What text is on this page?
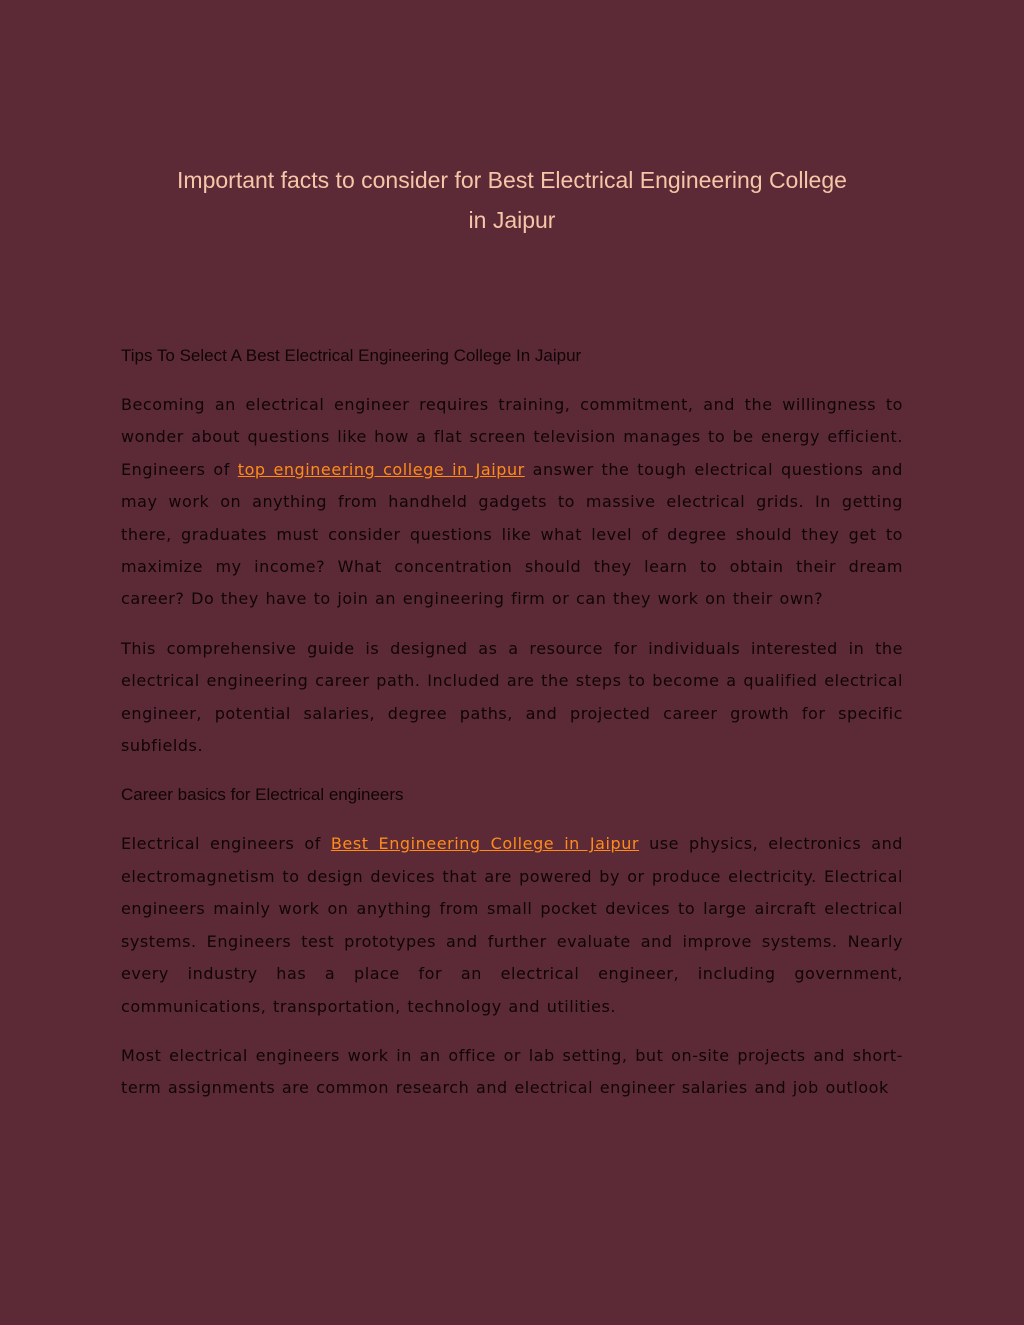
Important facts to consider for Best Electrical Engineering College
in Jaipur
Tips To Select A Best Electrical Engineering College In Jaipur

Becoming an electrical engineer requires training, commitment, and the willingness to wonder about questions like how a flat screen television manages to be energy efficient. Engineers of top engineering college in Jaipur answer the tough electrical questions and may work on anything from handheld gadgets to massive electrical grids. In getting there, graduates must consider questions like what level of degree should they get to maximize my income? What concentration should they learn to obtain their dream career? Do they have to join an engineering firm or can they work on their own?

This comprehensive guide is designed as a resource for individuals interested in the electrical engineering career path. Included are the steps to become a qualified electrical engineer, potential salaries, degree paths, and projected career growth for specific subfields.

Career basics for Electrical engineers

Electrical engineers of Best Engineering College in Jaipur use physics, electronics and electromagnetism to design devices that are powered by or produce electricity. Electrical engineers mainly work on anything from small pocket devices to large aircraft electrical systems. Engineers test prototypes and further evaluate and improve systems. Nearly every industry has a place for an electrical engineer, including government, communications, transportation, technology and utilities.

Most electrical engineers work in an office or lab setting, but on-site projects and short-term assignments are common research and electrical engineer salaries and job outlook
